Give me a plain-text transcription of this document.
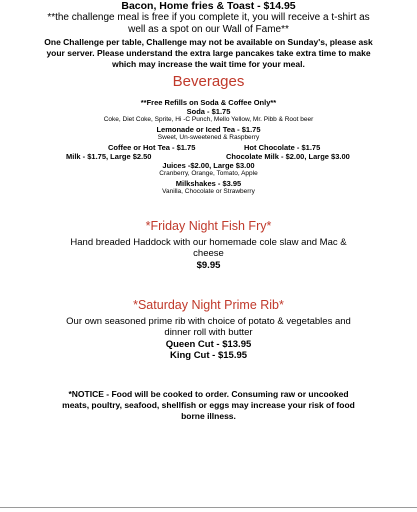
Bacon, Home fries & Toast - $14.95
**the challenge meal is free if you complete it, you will receive a t-shirt as
well as a spot on our Wall of Fame**
One Challenge per table, Challenge may not be available on Sunday's, please ask
your server. Please understand the extra large pancakes take extra time to make
which may increase the wait time for your meal.
Beverages
**Free Refills on Soda & Coffee Only**
Soda - $1.75
Coke, Diet Coke, Sprite, Hi -C Punch, Mello Yellow, Mr. Pibb & Root beer
Lemonade or Iced Tea - $1.75
Sweet, Un-sweetened & Raspberry
Coffee or Hot Tea - $1.75	Hot Chocolate - $1.75
Milk - $1.75, Large $2.50	Chocolate Milk - $2.00, Large $3.00
Juices -$2.00, Large $3.00
Cranberry, Orange, Tomato, Apple
Milkshakes - $3.95
Vanilla, Chocolate or Strawberry
*Friday Night Fish Fry*
Hand breaded Haddock with our homemade cole slaw and Mac &
cheese
$9.95
*Saturday Night Prime Rib*
Our own seasoned prime rib with choice of potato & vegetables and
dinner roll with butter
Queen Cut - $13.95
King Cut - $15.95
*NOTICE - Food will be cooked to order. Consuming raw or uncooked
meats, poultry, seafood, shellfish or eggs may increase your risk of food
borne illness.
